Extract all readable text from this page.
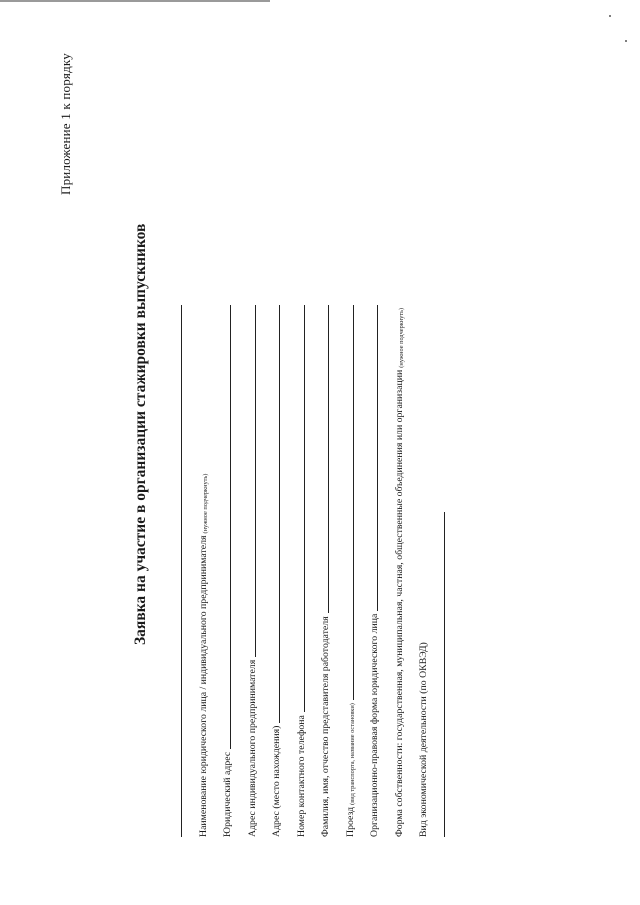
Приложение 1 к порядку
Заявка на участие в организации стажировки выпускников
Наименование юридического лица / индивидуального предпринимателя
(нужное подчеркнуть)
Юридический адрес Адрес индивидуального предпринимателя Адрес (место нахождения) Номер контактного телефона Фамилия, имя, отчество представителя работодателя Проезд
(вид транспорта, название остановки) Организационно-правовая форма юридического лица Форма собственности: государственная, муниципальная, частная, общественные объединения или организации
(нужное подчеркнуть)
Вид экономической деятельности (по ОКВЭД)
